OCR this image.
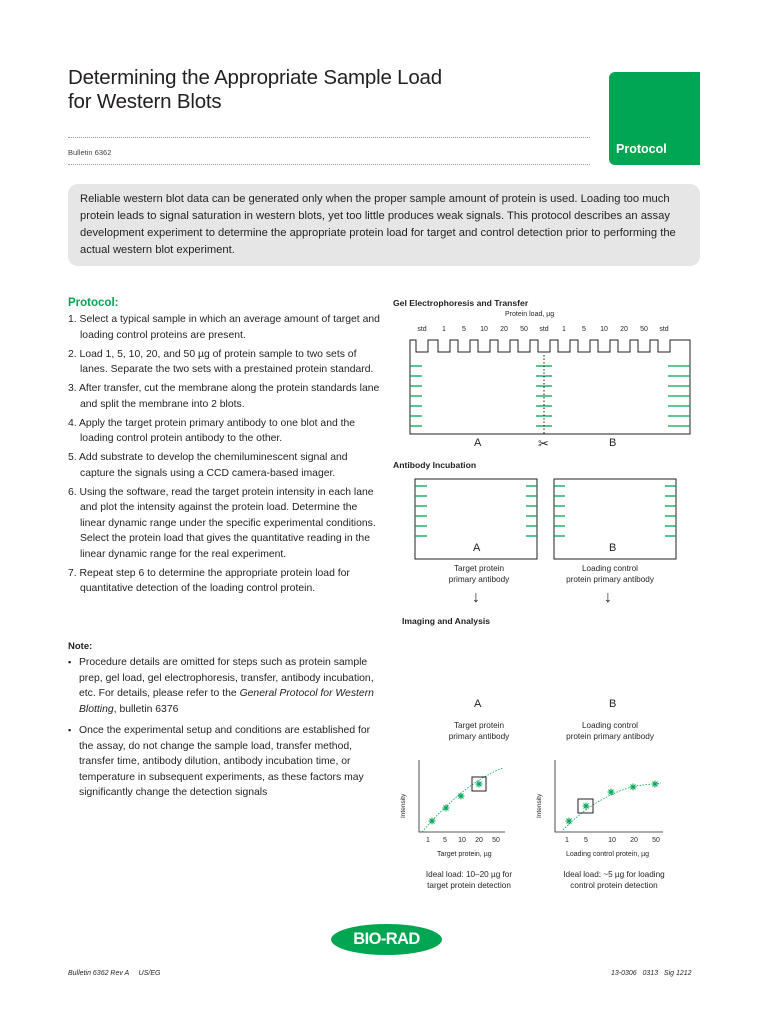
Determining the Appropriate Sample Load
for Western Blots
Bulletin 6362	Protocol
Reliable western blot data can be generated only when the proper sample amount of protein is used. Loading too much protein leads to signal saturation in western blots, yet too little produces weak signals. This protocol describes an assay development experiment to determine the appropriate protein load for target and control detection prior to performing the actual western blot experiment.
Protocol:
1. Select a typical sample in which an average amount of target and loading control proteins are present.
2. Load 1, 5, 10, 20, and 50 µg of protein sample to two sets of lanes. Separate the two sets with a prestained protein standard.
3. After transfer, cut the membrane along the protein standards lane and split the membrane into 2 blots.
4. Apply the target protein primary antibody to one blot and the loading control protein antibody to the other.
5. Add substrate to develop the chemiluminescent signal and capture the signals using a CCD camera-based imager.
6. Using the software, read the target protein intensity in each lane and plot the intensity against the protein load. Determine the linear dynamic range under the specific experimental conditions. Select the protein load that gives the quantitative reading in the linear dynamic range for the real experiment.
7. Repeat step 6 to determine the appropriate protein load for quantitative detection of the loading control protein.
Note:
▪ Procedure details are omitted for steps such as protein sample prep, gel load, gel electrophoresis, transfer, antibody incubation, etc. For details, please refer to the General Protocol for Western Blotting, bulletin 6376
▪ Once the experimental setup and conditions are established for the assay, do not change the sample load, transfer method, transfer time, antibody dilution, antibody incubation time, or temperature in subsequent experiments, as these factors may significantly change the detection signals
Gel Electrophoresis and Transfer
Protein load, µg
std	1	5	10	20	50	std	1	5	10	20	50	std
A	✂	B
Antibody Incubation
A	B
Target protein
primary antibody
Loading control
protein primary antibody
↓	↓
Imaging and Analysis
A	B
Target protein
primary antibody
Loading control
protein primary antibody
Intensity	Intensity
1	5	10	20	50	1	5	10	20	50
Target protein, µg	Loading control protein, µg
Ideal load: 10–20 µg for
target protein detection
Ideal load: ~5 µg for loading
control protein detection
BIO-RAD
Bulletin 6362 Rev A     US/EG	13-0306   0313   Sig 1212
